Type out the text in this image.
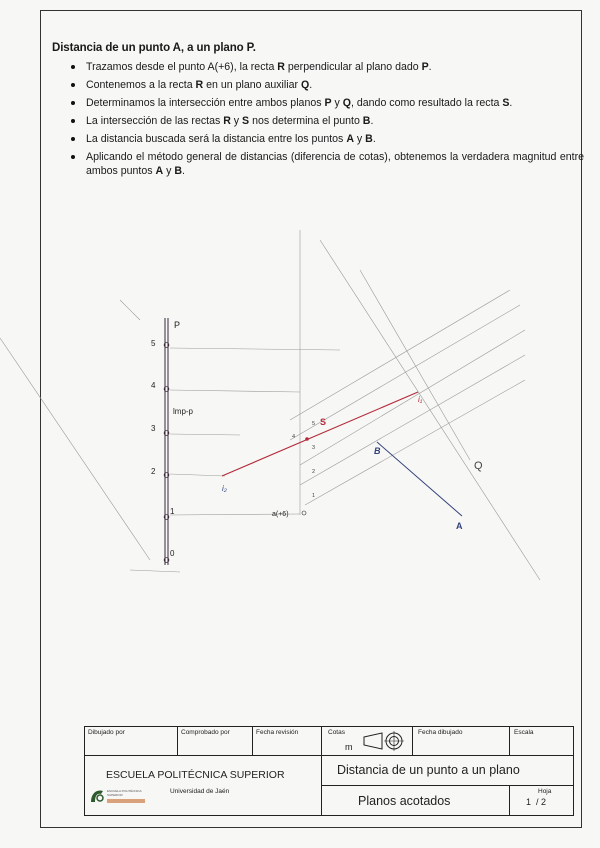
Distancia de un punto A, a un plano P.
Trazamos desde el punto A(+6), la recta R perpendicular al plano dado P.
Contenemos a la recta R en un plano auxiliar Q.
Determinamos la intersección entre ambos planos P y Q, dando como resultado la recta S.
La intersección de las rectas R y S nos determina el punto B.
La distancia buscada será la distancia entre los puntos A y B.
Aplicando el método general de distancias (diferencia de cotas), obtenemos la verdadera magnitud entre ambos puntos A y B.
P
lmp-p
5
4
3
2
1
0
4
5
3
2
1
S
i₂
i₁
B
A
a(+6)
Q
Dibujado por	Comprobado por	Fecha revisión	Cotas
m
Fecha dibujado	Escala
ESCUELA POLITÉCNICA SUPERIOR
ESCUELA POLITÉCNICA SUPERIOR	Universidad de Jaén
Distancia de un punto a un plano
Planos acotados
Hoja
1  / 2
